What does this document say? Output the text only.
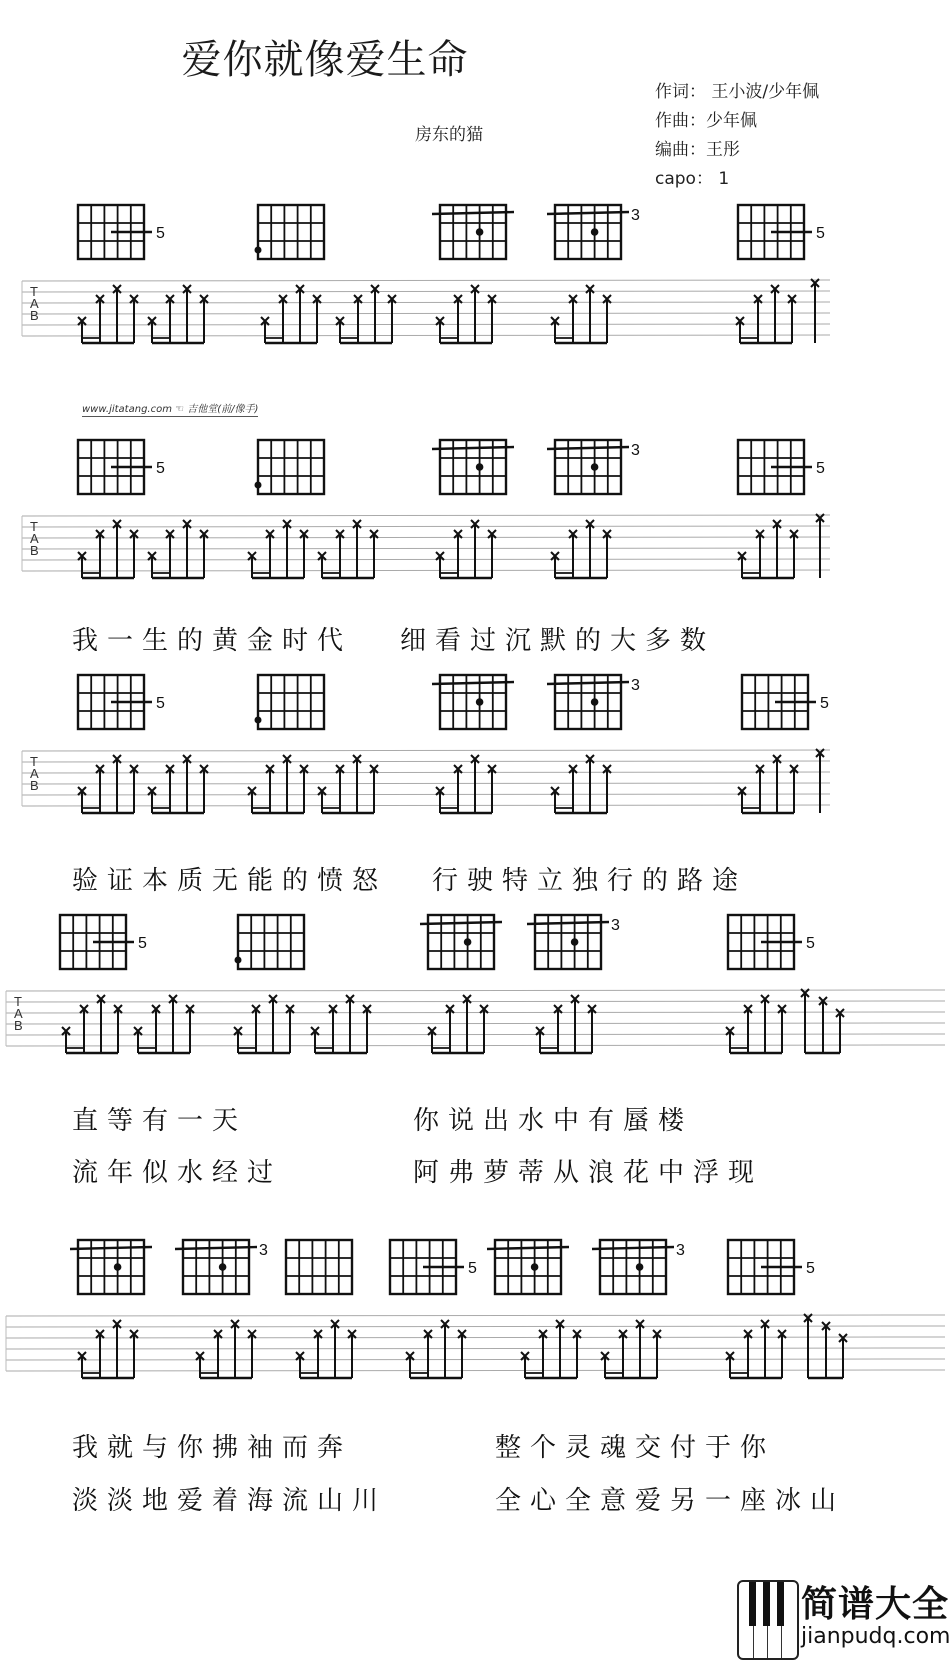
爱你就像爱生命
房东的猫
作词： 王小波/少年佩
作曲：少年佩
编曲：王彤
capo： 1
5
3
5
T
A
B
5
3
5
T
A
B
5
3
5
T
A
B
5
3
5
T
A
B
3
5
3
5
www.jitatang.com ☜ 吉他堂(前/像手)
我一生的黄金时代 细看过沉默的大多数
验证本质无能的愤怒 行驶特立独行的路途
直等有一天	你说出水中有蜃楼
流年似水经过	阿弗萝蒂从浪花中浮现
我就与你拂袖而奔	整个灵魂交付于你
淡淡地爱着海流山川	全心全意爱另一座冰山
简谱大全
jianpudq.com
